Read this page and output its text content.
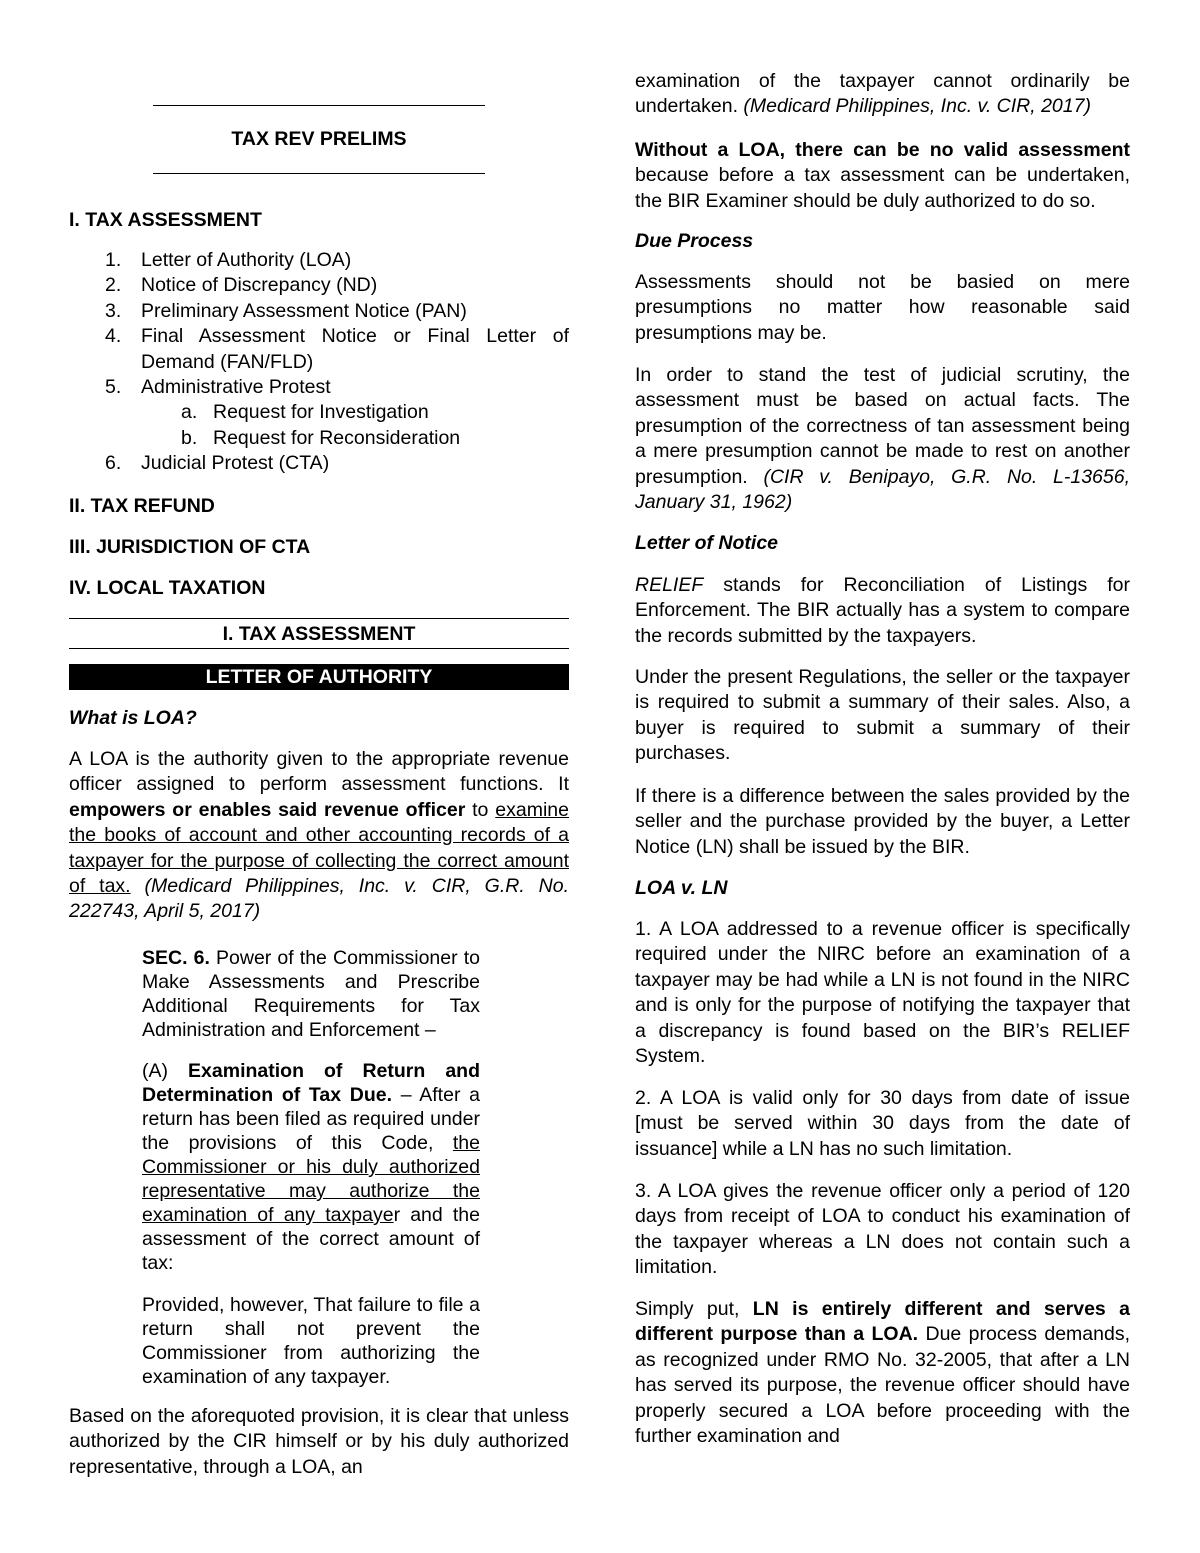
TAX REV PRELIMS
I. TAX ASSESSMENT
1. Letter of Authority (LOA)
2. Notice of Discrepancy (ND)
3. Preliminary Assessment Notice (PAN)
4. Final Assessment Notice or Final Letter of Demand (FAN/FLD)
5. Administrative Protest
a. Request for Investigation
b. Request for Reconsideration
6. Judicial Protest (CTA)
II. TAX REFUND
III. JURISDICTION OF CTA
IV. LOCAL TAXATION
I. TAX ASSESSMENT
LETTER OF AUTHORITY
What is LOA?

A LOA is the authority given to the appropriate revenue officer assigned to perform assessment functions. It empowers or enables said revenue officer to examine the books of account and other accounting records of a taxpayer for the purpose of collecting the correct amount of tax. (Medicard Philippines, Inc. v. CIR, G.R. No. 222743, April 5, 2017)

SEC. 6. Power of the Commissioner to Make Assessments and Prescribe Additional Requirements for Tax Administration and Enforcement –

(A) Examination of Return and Determination of Tax Due. – After a return has been filed as required under the provisions of this Code, the Commissioner or his duly authorized representative may authorize the examination of any taxpayer and the assessment of the correct amount of tax:

Provided, however, That failure to file a return shall not prevent the Commissioner from authorizing the examination of any taxpayer.

Based on the aforequoted provision, it is clear that unless authorized by the CIR himself or by his duly authorized representative, through a LOA, an

examination of the taxpayer cannot ordinarily be undertaken. (Medicard Philippines, Inc. v. CIR, 2017)

Without a LOA, there can be no valid assessment because before a tax assessment can be undertaken, the BIR Examiner should be duly authorized to do so.

Due Process

Assessments should not be basied on mere presumptions no matter how reasonable said presumptions may be.

In order to stand the test of judicial scrutiny, the assessment must be based on actual facts. The presumption of the correctness of tan assessment being a mere presumption cannot be made to rest on another presumption. (CIR v. Benipayo, G.R. No. L-13656, January 31, 1962)

Letter of Notice

RELIEF stands for Reconciliation of Listings for Enforcement. The BIR actually has a system to compare the records submitted by the taxpayers.

Under the present Regulations, the seller or the taxpayer is required to submit a summary of their sales. Also, a buyer is required to submit a summary of their purchases.

If there is a difference between the sales provided by the seller and the purchase provided by the buyer, a Letter Notice (LN) shall be issued by the BIR.

LOA v. LN

1. A LOA addressed to a revenue officer is specifically required under the NIRC before an examination of a taxpayer may be had while a LN is not found in the NIRC and is only for the purpose of notifying the taxpayer that a discrepancy is found based on the BIR’s RELIEF System.

2. A LOA is valid only for 30 days from date of issue [must be served within 30 days from the date of issuance] while a LN has no such limitation.

3. A LOA gives the revenue officer only a period of 120 days from receipt of LOA to conduct his examination of the taxpayer whereas a LN does not contain such a limitation.

Simply put, LN is entirely different and serves a different purpose than a LOA. Due process demands, as recognized under RMO No. 32-2005, that after a LN has served its purpose, the revenue officer should have properly secured a LOA before proceeding with the further examination and
